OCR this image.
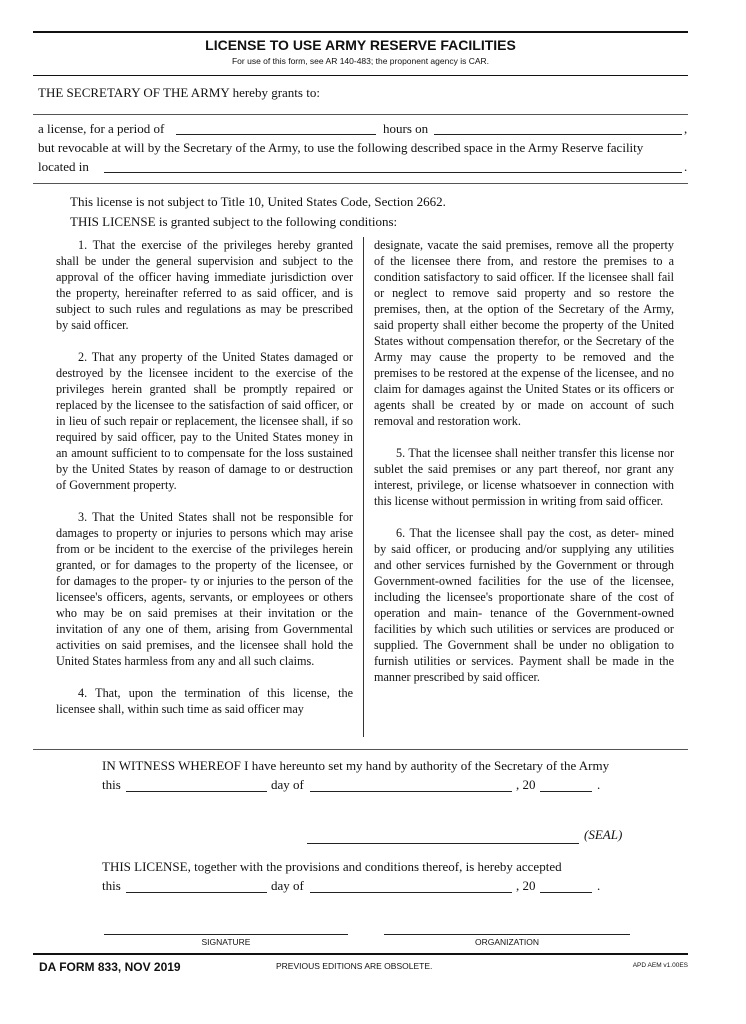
LICENSE TO USE ARMY RESERVE FACILITIES
For use of this form, see AR 140-483; the proponent agency is CAR.
THE SECRETARY OF THE ARMY hereby grants to:
a license, for a period of	hours on	,
but revocable at will by the Secretary of the Army, to use the following described space in the Army Reserve facility
located in	.
This license is not subject to Title 10, United States Code, Section 2662.
THIS LICENSE is granted subject to the following conditions:

1. That the exercise of the privileges hereby granted shall be under the general supervision and subject to the approval of the officer having immediate jurisdiction over the property, hereinafter referred to as said officer, and is subject to such rules and regulations as may be prescribed by said officer.

2. That any property of the United States damaged or destroyed by the licensee incident to the exercise of the privileges herein granted shall be promptly repaired or replaced by the licensee to the satisfaction of said officer, or in lieu of such repair or replacement, the licensee shall, if so required by said officer, pay to the United States money in an amount sufficient to to compensate for the loss sustained by the United States by reason of damage to or destruction of Government property.

3. That the United States shall not be responsible for damages to property or injuries to persons which may arise from or be incident to the exercise of the privileges herein granted, or for damages to the property of the licensee, or for damages to the proper- ty or injuries to the person of the licensee's officers, agents, servants, or employees or others who may be on said premises at their invitation or the invitation of any one of them, arising from Governmental activities on said premises, and the licensee shall hold the United States harmless from any and all such claims.

4. That, upon the termination of this license, the licensee shall, within such time as said officer may

designate, vacate the said premises, remove all the property of the licensee there from, and restore the premises to a condition satisfactory to said officer. If the licensee shall fail or neglect to remove said property and so restore the premises, then, at the option of the Secretary of the Army, said property shall either become the property of the United States without compensation therefor, or the Secretary of the Army may cause the property to be removed and the premises to be restored at the expense of the licensee, and no claim for damages against the United States or its officers or agents shall be created by or made on account of such removal and restoration work.

5. That the licensee shall neither transfer this license nor sublet the said premises or any part thereof, nor grant any interest, privilege, or license whatsoever in connection with this license without permission in writing from said officer.

6. That the licensee shall pay the cost, as deter- mined by said officer, or producing and/or supplying any utilities and other services furnished by the Government or through Government-owned facilities for the use of the licensee, including the licensee's proportionate share of the cost of operation and main- tenance of the Government-owned facilities by which such utilities or services are produced or supplied. The Government shall be under no obligation to furnish utilities or services. Payment shall be made in the manner prescribed by said officer.

IN WITNESS WHEREOF I have hereunto set my hand by authority of the Secretary of the Army
this	day of	, 20	.
(SEAL)
THIS LICENSE, together with the provisions and conditions thereof, is hereby accepted
this	day of	, 20	.
SIGNATURE	ORGANIZATION
DA FORM 833, NOV 2019	PREVIOUS EDITIONS ARE OBSOLETE.	APD AEM v1.00ES
